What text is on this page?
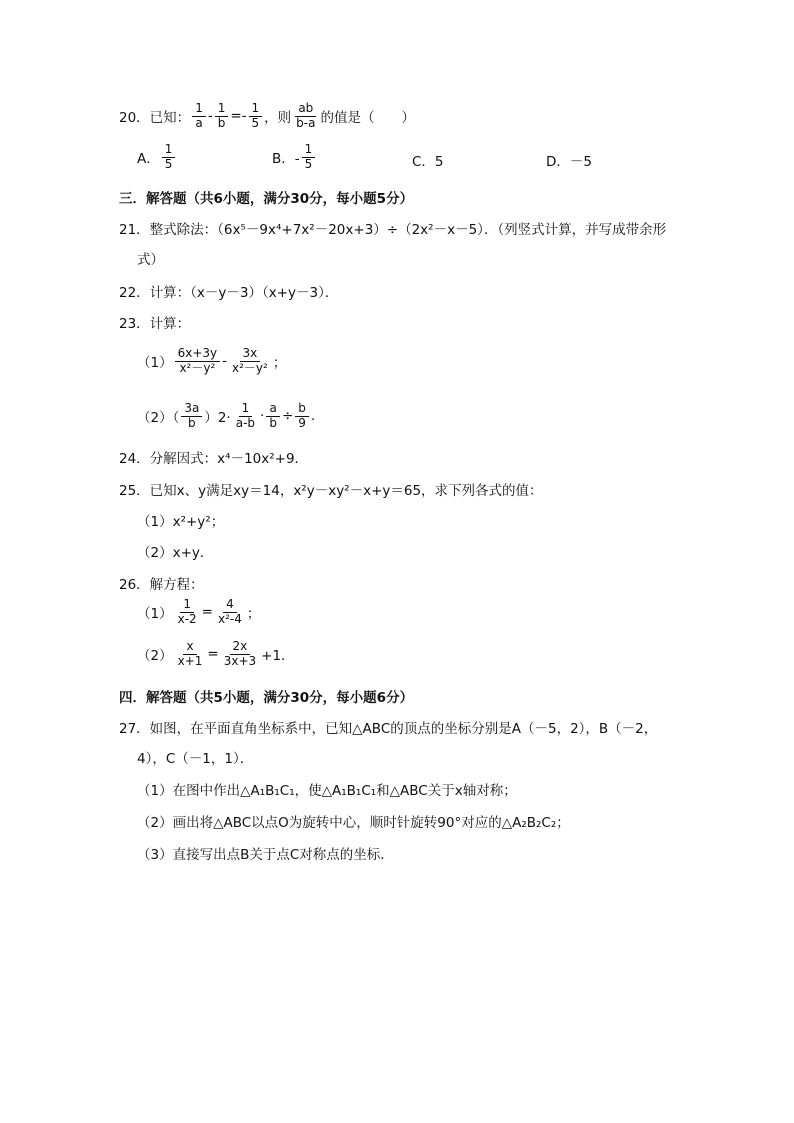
20．已知： $\frac{1}{a} - \frac{1}{b} =- \frac{1}{5}$ ，则 $\frac{ab}{b-a}$ 的值是（　　）
A． $\frac{1}{5}$	B．- $\frac{1}{5}$	C．5	D．－5
三．解答题（共6小题，满分30分，每小题5分）
21．整式除法：（6x⁵－9x⁴+7x²－20x+3）÷（2x²－x－5）．（列竖式计算，并写成带余形
式）
22．计算：（x－y－3）（x+y－3）．
23．计算：
$(1) \frac{6x+3y}{\text{x²－y²}} - \frac{3x}{\text{x²－y²}}$ ；
$(2)( \frac{3a}{b} )2\cdot \frac{1}{a-b} \cdot \frac{a}{b} \div \frac{b}{9}$ .
24．分解因式：x⁴－10x²+9．
25．已知x、y满足xy＝14，x²y－xy²－x+y＝65，求下列各式的值：
（1）x²+y²；
（2）x+y．
26．解方程：
$(1) \frac{1}{x-2} = \frac{4}{\text{x²-4}}$ ；
$(2) \frac{x}{x+1} = \frac{2x}{3x+3} +1$．
四．解答题（共5小题，满分30分，每小题6分）
27．如图，在平面直角坐标系中，已知△ABC的顶点的坐标分别是A（－5，2），B（－2，
4），C（－1，1）．
（1）在图中作出△A₁B₁C₁，使△A₁B₁C₁和△ABC关于x轴对称；
（2）画出将△ABC以点O为旋转中心，顺时针旋转90°对应的△A₂B₂C₂；
（3）直接写出点B关于点C对称点的坐标．
